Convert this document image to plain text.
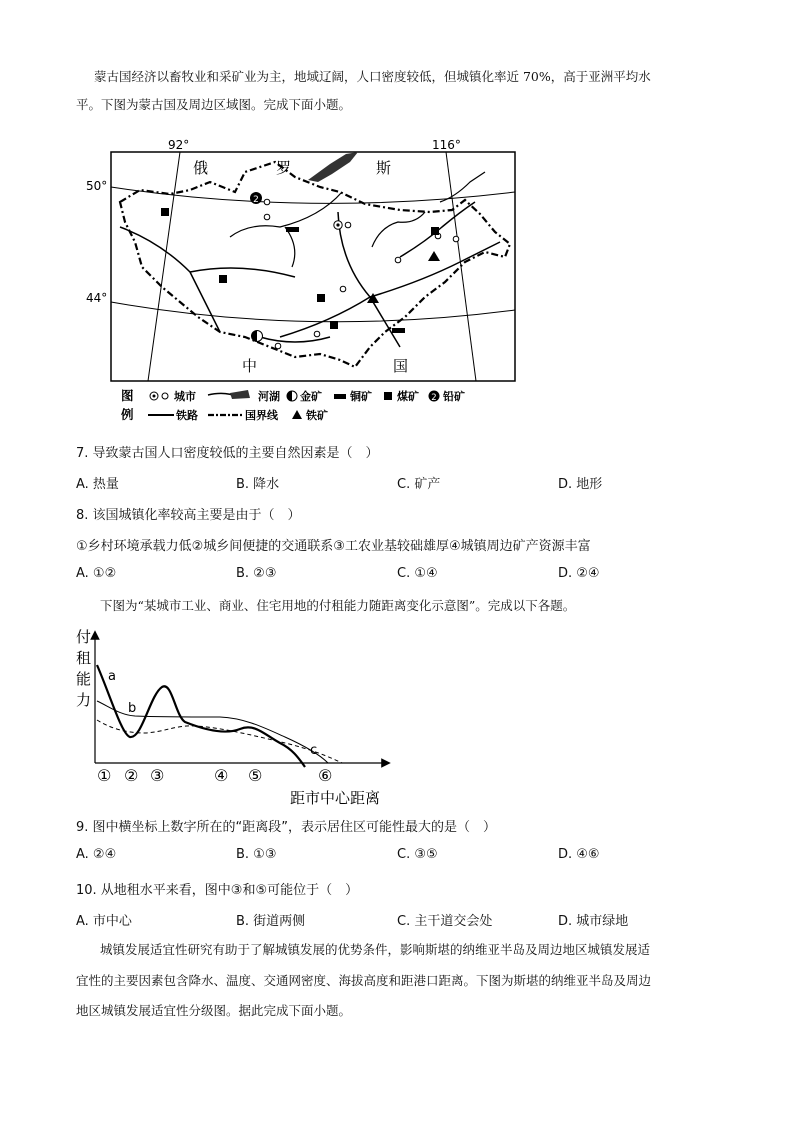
蒙古国经济以畜牧业和采矿业为主，地域辽阔，人口密度较低，但城镇化率近 70%，高于亚洲平均水
平。下图为蒙古国及周边区域图。完成下面小题。
2
92°	116°
50°
44°
俄	罗	斯
中	国
图
例
城市	河湖 金矿	铜矿 煤矿 2 铅矿
铁路	国界线	铁矿
7. 导致蒙古国人口密度较低的主要自然因素是（　）
A. 热量	B. 降水	C. 矿产	D. 地形
8. 该国城镇化率较高主要是由于（　）
①乡村环境承载力低②城乡间便捷的交通联系③工农业基较础雄厚④城镇周边矿产资源丰富
A. ①②	B. ②③	C. ①④	D. ②④
下图为“某城市工业、商业、住宅用地的付租能力随距离变化示意图”。完成以下各题。
付
租
能
力
a
b
c
① ② ③	④ ⑤	⑥
距市中心距离
9. 图中横坐标上数字所在的“距离段”，表示居住区可能性最大的是（　）
A. ②④	B. ①③	C. ③⑤	D. ④⑥
10. 从地租水平来看，图中③和⑤可能位于（　）
A. 市中心	B. 街道两侧	C. 主干道交会处	D. 城市绿地
城镇发展适宜性研究有助于了解城镇发展的优势条件，影响斯堪的纳维亚半岛及周边地区城镇发展适
宜性的主要因素包含降水、温度、交通网密度、海拔高度和距港口距离。下图为斯堪的纳维亚半岛及周边
地区城镇发展适宜性分级图。据此完成下面小题。
